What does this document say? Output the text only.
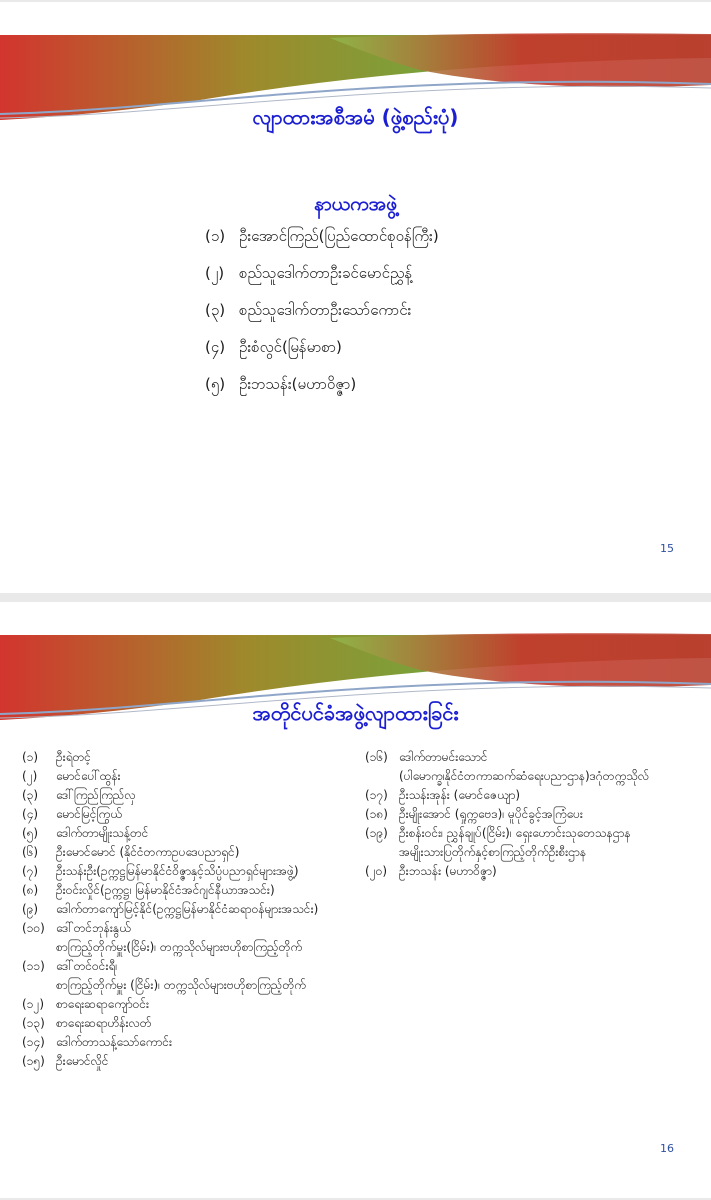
လျာထားအစီအမံ (ဖွဲ့စည်းပုံ)
နာယကအဖွဲ့
(၁) ဦးအောင်ကြည်(ပြည်ထောင်စုဝန်ကြီး)
(၂) စည်သူဒေါက်တာဦးခင်မောင်ညွှန့်
(၃) စည်သူဒေါက်တာဦးသော်ကောင်း
(၄) ဦးစံလွင်(မြန်မာစာ)
(၅) ဦးဘသန်း(မဟာဝိဇ္ဇာ)
15
အတိုင်ပင်ခံအဖွဲ့လျာထားခြင်း
(၁) ဦးရဲတင့်
(၂) မောင်ပေါ်ထွန်း
(၃) ဒေါ်ကြည်ကြည်လှ
(၄) မောင်မြင့်ကြွယ်
(၅) ဒေါက်တာမျိုးသန့်တင်
(၆) ဦးမောင်မောင် (နိုင်ငံတကာဥပဒေပညာရှင်)
(၇) ဦးသန်းဦး(ဥက္ကဋ္ဌမြန်မာနိုင်ငံဝိဇ္ဇာနှင့်သိပ္ပံပညာရှင်များအဖွဲ့)
(၈) ဦးဝင်းလှိုင်(ဥက္ကဋ္ဌ၊ မြန်မာနိုင်ငံအင်ဂျင်နီယာအသင်း)
(၉) ဒေါက်တာကျော်မြင့်နိုင်(ဥက္ကဋ္ဌမြန်မာနိုင်ငံဆရာဝန်များအသင်း)
(၁၀) ဒေါ်တင်ဘုန်းနွယ်
စာကြည့်တိုက်မှူး(ငြိမ်း)၊ တက္ကသိုလ်များဗဟိုစာကြည့်တိုက်
(၁၁) ဒေါ်တင်ဝင်းရီ၊
စာကြည့်တိုက်မှူး (ငြိမ်း)၊ တက္ကသိုလ်များဗဟိုစာကြည့်တိုက်
(၁၂) စာရေးဆရာကျော်ဝင်း
(၁၃) စာရေးဆရာဟိန်းလတ်
(၁၄) ဒေါက်တာသန့်သော်ကောင်း
(၁၅) ဦးမောင်လှိုင်
(၁၆) ဒေါက်တာမင်းသောင်
(ပါမောက္ခ၊နိုင်ငံတကာဆက်ဆံရေးပညာဌာန)ဒဂုံတက္ကသိုလ်
(၁၇) ဦးသန်းအုန်း (မောင်ဇေယျာ)
(၁၈) ဦးမျိုးအောင် (ရှုက္ကဗေဒ)၊ မူပိုင်ခွင့်အကြံပေး
(၁၉) ဦးစန်းဝင်း၊ ညွှန်ချုပ်(ငြိမ်း)၊ ရှေးဟောင်းသုတေသနဌာန
အမျိုးသားပြတိုက်နှင့်စာကြည့်တိုက်ဦးစီးဌာန
(၂၀) ဦးဘသန်း (မဟာဝိဇ္ဇာ)
16
